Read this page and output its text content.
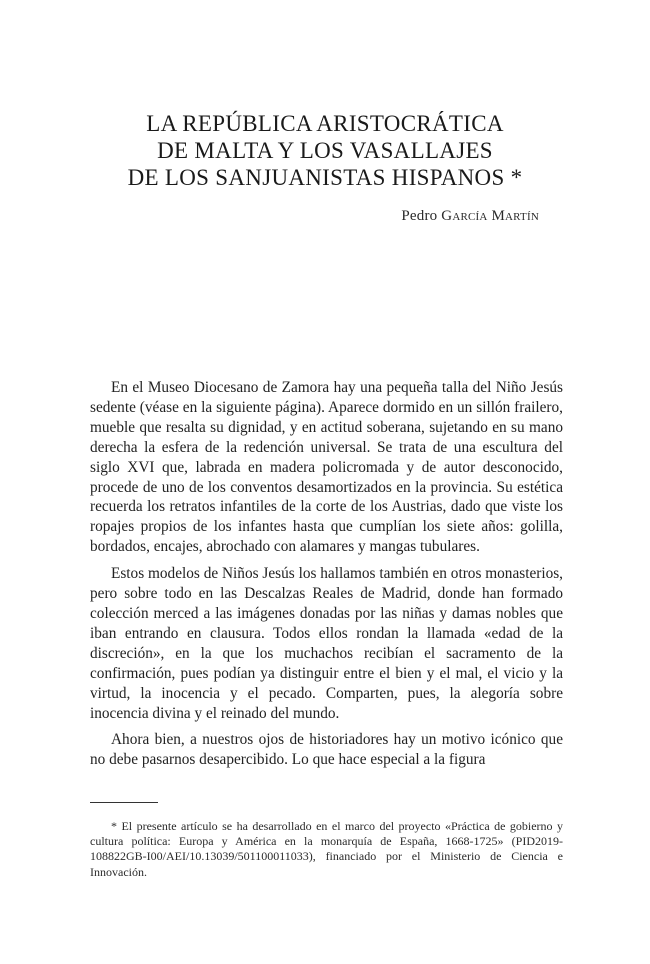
LA REPÚBLICA ARISTOCRÁTICA
DE MALTA Y LOS VASALLAJES
DE LOS SANJUANISTAS HISPANOS *
Pedro García Martín

En el Museo Diocesano de Zamora hay una pequeña talla del Niño Jesús sedente (véase en la siguiente página). Aparece dormido en un sillón frailero, mueble que resalta su dignidad, y en actitud soberana, sujetando en su mano derecha la esfera de la redención universal. Se trata de una escultura del siglo XVI que, labrada en madera policromada y de autor desconocido, procede de uno de los conventos desamortizados en la provincia. Su estética recuerda los retratos infantiles de la corte de los Austrias, dado que viste los ropajes propios de los infantes hasta que cumplían los siete años: golilla, bordados, encajes, abrochado con alamares y mangas tubulares.

Estos modelos de Niños Jesús los hallamos también en otros monasterios, pero sobre todo en las Descalzas Reales de Madrid, donde han formado colección merced a las imágenes donadas por las niñas y damas nobles que iban entrando en clausura. Todos ellos rondan la llamada «edad de la discreción», en la que los muchachos recibían el sacramento de la confirmación, pues podían ya distinguir entre el bien y el mal, el vicio y la virtud, la inocencia y el pecado. Comparten, pues, la alegoría sobre inocencia divina y el reinado del mundo.

Ahora bien, a nuestros ojos de historiadores hay un motivo icónico que no debe pasarnos desapercibido. Lo que hace especial a la figura

* El presente artículo se ha desarrollado en el marco del proyecto «Práctica de gobierno y cultura política: Europa y América en la monarquía de España, 1668-1725» (PID2019-108822GB-I00/AEI/10.13039/501100011033), financiado por el Ministerio de Ciencia e Innovación.
